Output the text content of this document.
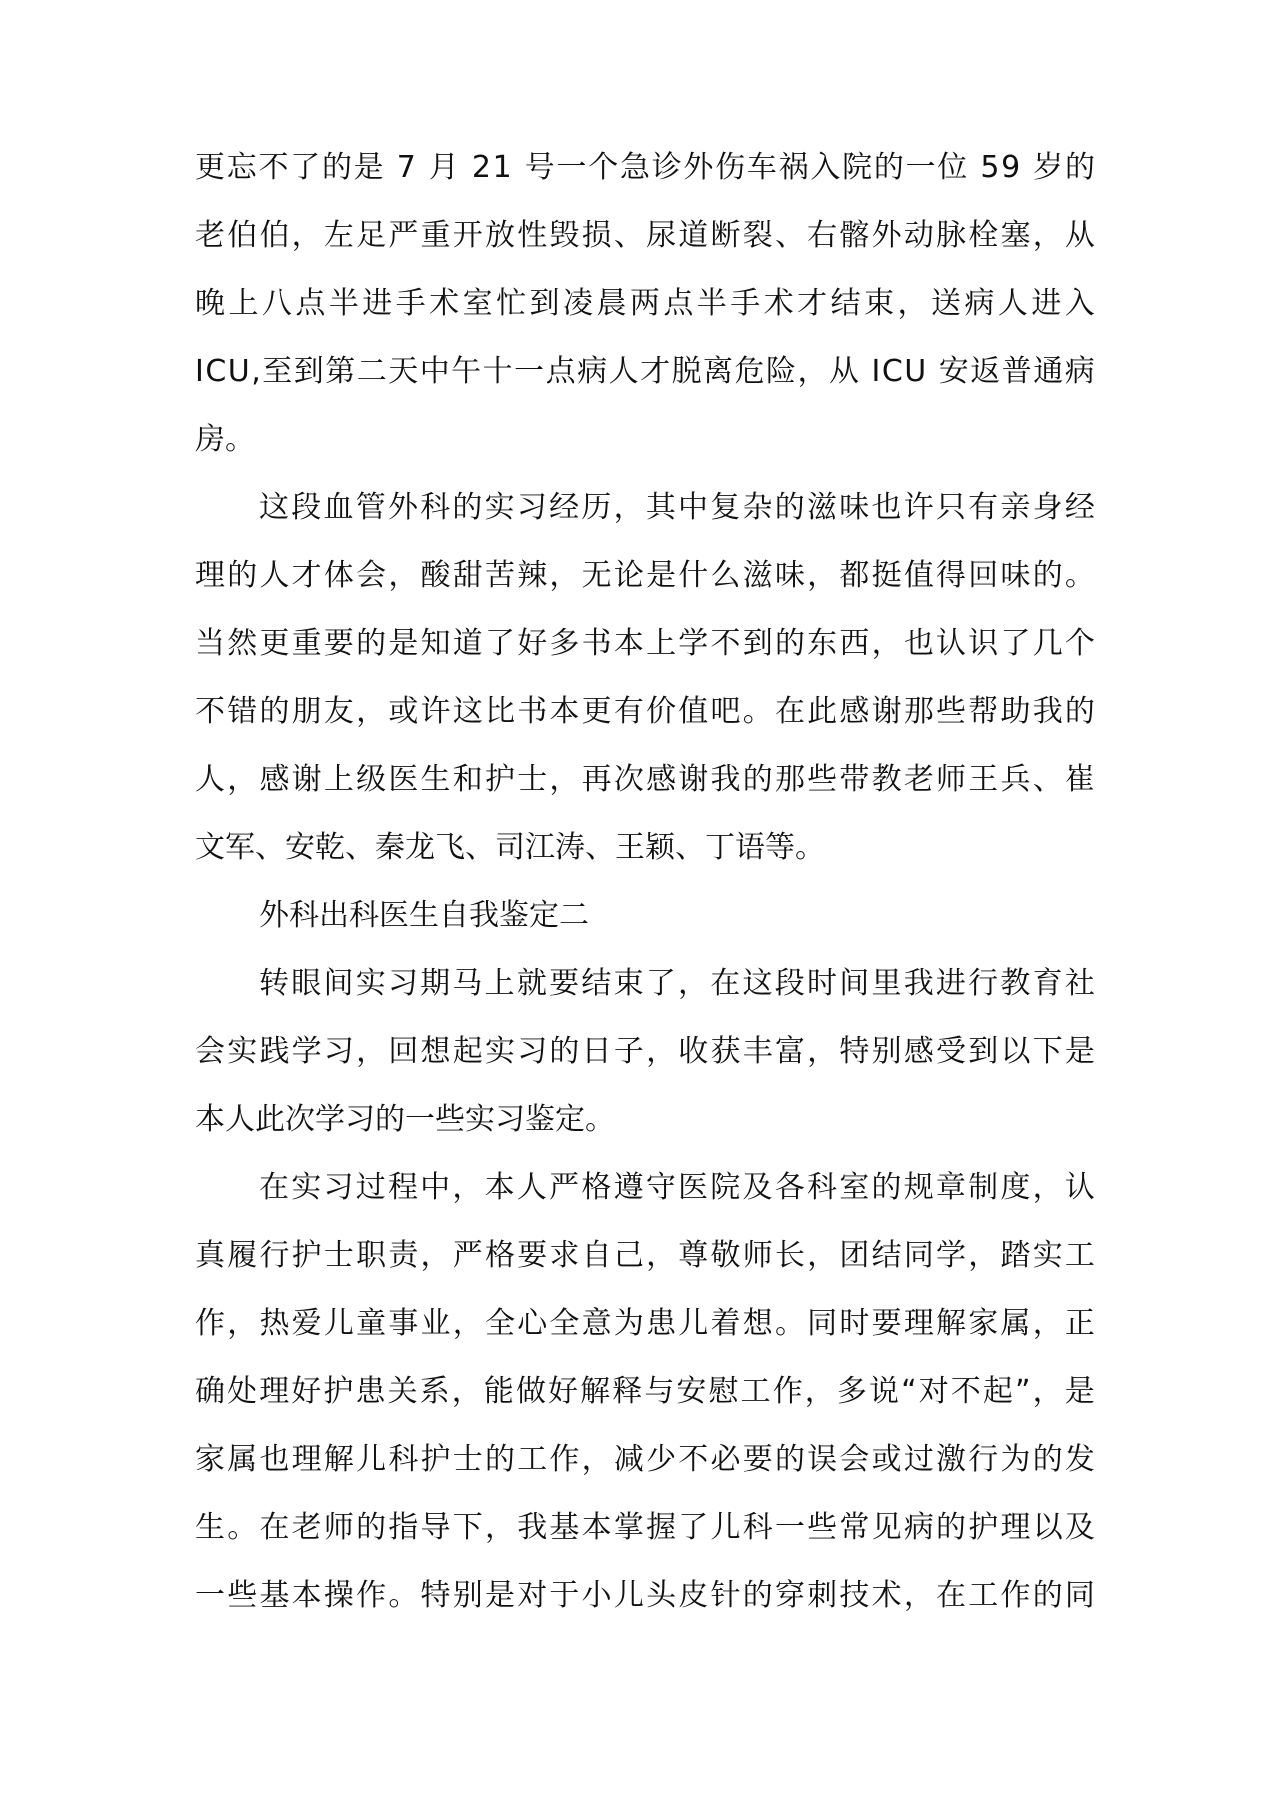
更 忘 不 了 的 是
7
月
2 1
号 一 个 急 诊 外 伤 车 祸 入 院 的 一 位
5 9
岁 的
老 伯 伯 ， 左 足 严 重 开 放 性 毁 损 、 尿 道 断 裂 、 右 髂 外 动 脉 栓 塞 ， 从
晚 上 八 点 半 进 手 术 室 忙 到 凌 晨 两 点 半 手 术 才 结 束 ， 送 病 人 进 入
I C U , 至 到 第 二 天 中 午 十 一 点 病 人 才 脱 离 危 险 ， 从
I C U
安 返 普 通 病
房。
这 段 血 管 外 科 的 实 习 经 历 ， 其 中 复 杂 的 滋 味 也 许 只 有 亲 身 经
理 的 人 才 体 会 ， 酸 甜 苦 辣 ， 无 论 是 什 么 滋 味 ， 都 挺 值 得 回 味 的 。
当 然 更 重 要 的 是 知 道 了 好 多 书 本 上 学 不 到 的 东 西 ， 也 认 识 了 几 个
不 错 的 朋 友 ， 或 许 这 比 书 本 更 有 价 值 吧 。 在 此 感 谢 那 些 帮 助 我 的
人 ， 感 谢 上 级 医 生 和 护 士 ， 再 次 感 谢 我 的 那 些 带 教 老 师 王 兵 、 崔
文军、安乾、秦龙飞、司江涛、王颖、丁语等。
外科出科医生自我鉴定二
转 眼 间 实 习 期 马 上 就 要 结 束 了 ， 在 这 段 时 间 里 我 进 行 教 育 社
会 实 践 学 习 ， 回 想 起 实 习 的 日 子 ， 收 获 丰 富 ， 特 别 感 受 到 以 下 是
本人此次学习的一些实习鉴定。
在 实 习 过 程 中 ， 本 人 严 格 遵 守 医 院 及 各 科 室 的 规 章 制 度 ， 认
真 履 行 护 士 职 责 ， 严 格 要 求 自 己 ， 尊 敬 师 长 ， 团 结 同 学 ， 踏 实 工
作 ， 热 爱 儿 童 事 业 ， 全 心 全 意 为 患 儿 着 想 。 同 时 要 理 解 家 属 ， 正
确 处 理 好 护 患 关 系 ， 能 做 好 解 释 与 安 慰 工 作 ， 多 说 “ 对 不 起 ” ， 是
家 属 也 理 解 儿 科 护 士 的 工 作 ， 减 少 不 必 要 的 误 会 或 过 激 行 为 的 发
生 。 在 老 师 的 指 导 下 ， 我 基 本 掌 握 了 儿 科 一 些 常 见 病 的 护 理 以 及
一 些 基 本 操 作 。 特 别 是 对 于 小 儿 头 皮 针 的 穿 刺 技 术 ， 在 工 作 的 同
